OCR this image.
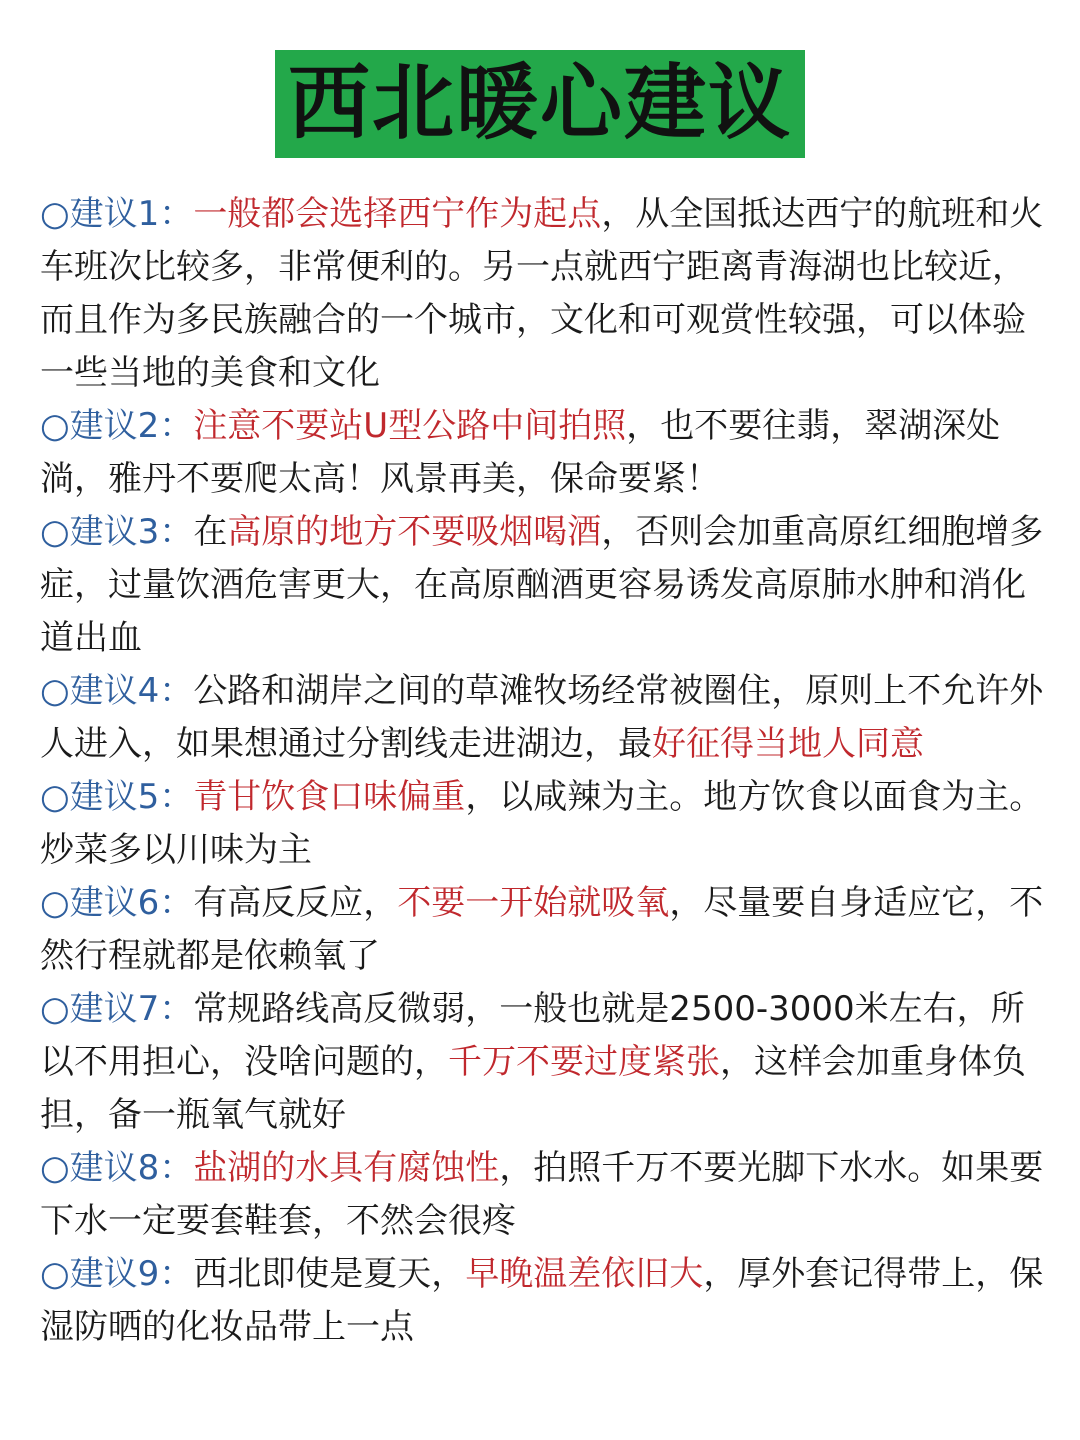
西北暖心建议

○建议1：一般都会选择西宁作为起点，从全国抵达西宁的航班和火车班次比较多，非常便利的。另一点就西宁距离青海湖也比较近，而且作为多民族融合的一个城市，文化和可观赏性较强，可以体验一些当地的美食和文化

○建议2：注意不要站U型公路中间拍照，也不要往翡，翠湖深处淌，雅丹不要爬太高！风景再美，保命要紧！

○建议3：在高原的地方不要吸烟喝酒，否则会加重高原红细胞增多症，过量饮酒危害更大，在高原酗酒更容易诱发高原肺水肿和消化道出血

○建议4：公路和湖岸之间的草滩牧场经常被圈住，原则上不允许外人进入，如果想通过分割线走进湖边，最好征得当地人同意

○建议5：青甘饮食口味偏重，以咸辣为主。地方饮食以面食为主。炒菜多以川味为主

○建议6：有高反反应，不要一开始就吸氧，尽量要自身适应它，不然行程就都是依赖氧了

○建议7：常规路线高反微弱，一般也就是2500-3000米左右，所以不用担心，没啥问题的，千万不要过度紧张，这样会加重身体负担，备一瓶氧气就好

○建议8：盐湖的水具有腐蚀性，拍照千万不要光脚下水水。如果要下水一定要套鞋套，不然会很疼

○建议9：西北即使是夏天，早晚温差依旧大，厚外套记得带上，保湿防晒的化妆品带上一点
